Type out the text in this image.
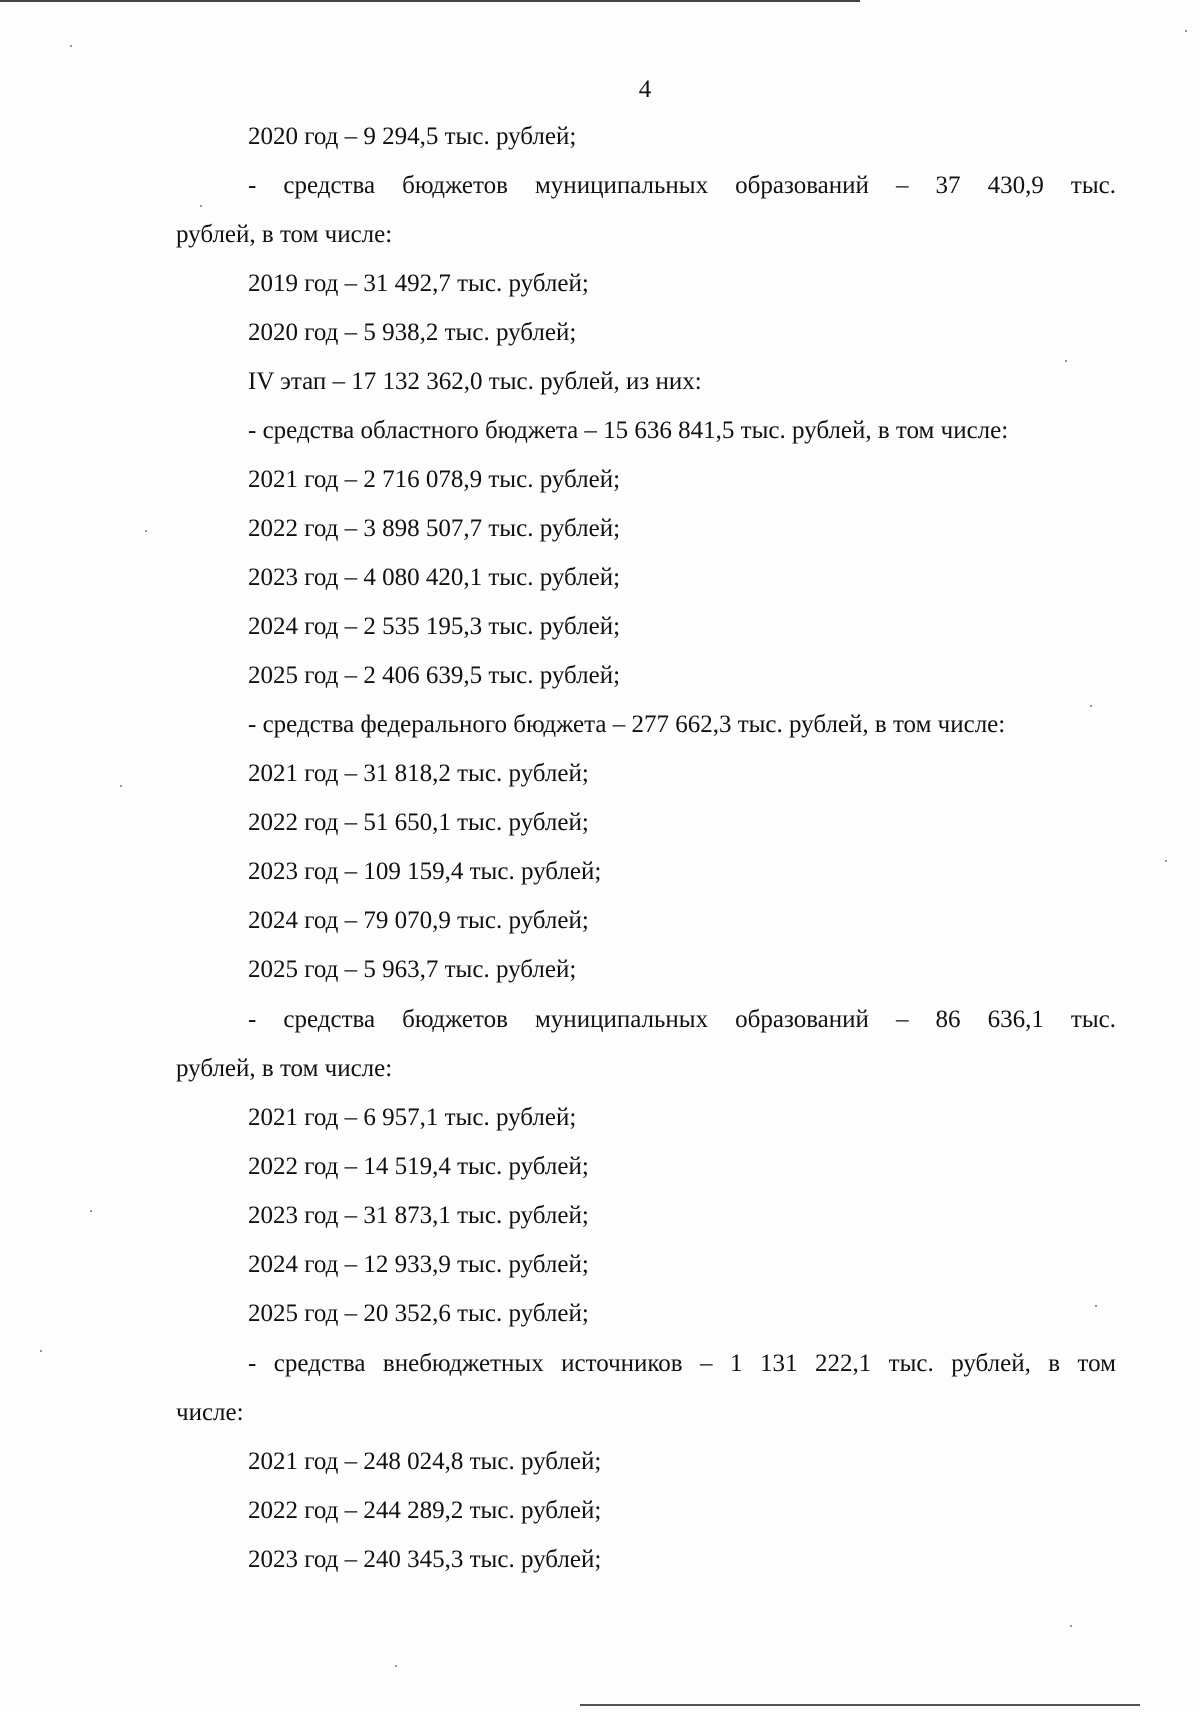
4
2020 год – 9 294,5 тыс. рублей;
- средства бюджетов муниципальных образований – 37 430,9 тыс.
рублей, в том числе:
2019 год – 31 492,7 тыс. рублей;
2020 год – 5 938,2 тыс. рублей;
IV этап – 17 132 362,0 тыс. рублей, из них:
- средства областного бюджета – 15 636 841,5 тыс. рублей, в том числе:
2021 год – 2 716 078,9 тыс. рублей;
2022 год – 3 898 507,7 тыс. рублей;
2023 год – 4 080 420,1 тыс. рублей;
2024 год – 2 535 195,3 тыс. рублей;
2025 год – 2 406 639,5 тыс. рублей;
- средства федерального бюджета – 277 662,3 тыс. рублей, в том числе:
2021 год – 31 818,2 тыс. рублей;
2022 год – 51 650,1 тыс. рублей;
2023 год – 109 159,4 тыс. рублей;
2024 год – 79 070,9 тыс. рублей;
2025 год – 5 963,7 тыс. рублей;
- средства бюджетов муниципальных образований – 86 636,1 тыс.
рублей, в том числе:
2021 год – 6 957,1 тыс. рублей;
2022 год – 14 519,4 тыс. рублей;
2023 год – 31 873,1 тыс. рублей;
2024 год – 12 933,9 тыс. рублей;
2025 год – 20 352,6 тыс. рублей;
- средства внебюджетных источников – 1 131 222,1 тыс. рублей, в том
числе:
2021 год – 248 024,8 тыс. рублей;
2022 год – 244 289,2 тыс. рублей;
2023 год – 240 345,3 тыс. рублей;
